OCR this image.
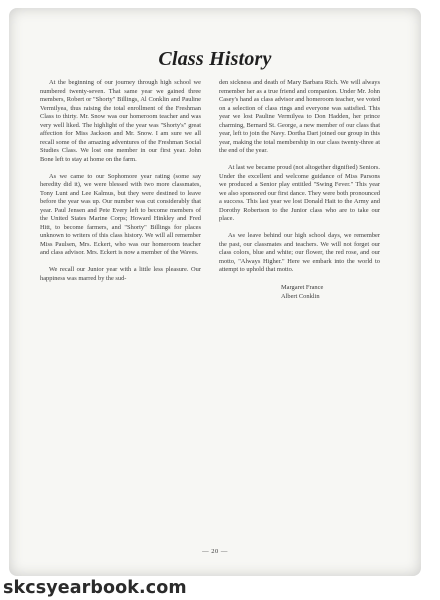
Class History

At the beginning of our journey through high school we numbered twenty-seven. That same year we gained three members, Robert or "Shorty" Billings, Al Conklin and Pauline Vermilyea, thus raising the total enrollment of the Freshman Class to thirty. Mr. Snow was our homeroom teacher and was very well liked. The highlight of the year was "Shorty's" great affection for Miss Jackson and Mr. Snow. I am sure we all recall some of the amazing adventures of the Freshman Social Studies Class. We lost one member in our first year. John Bone left to stay at home on the farm.

As we came to our Sophomore year rating (some say heredity did it), we were blessed with two more classmates, Tony Lunt and Lee Kalmus, but they were destined to leave before the year was up. Our number was cut considerably that year. Paul Jensen and Pete Every left to become members of the United States Marine Corps; Howard Hinkley and Fred Hitt, to become farmers, and "Shorty" Billings for places unknown to writers of this class history. We will all remember Miss Paulsen, Mrs. Eckert, who was our homeroom teacher and class advisor. Mrs. Eckert is now a member of the Waves.

We recall our Junior year with a little less pleasure. Our happiness was marred by the sud-

den sickness and death of Mary Barbara Rich. We will always remember her as a true friend and companion. Under Mr. John Casey's hand as class advisor and homeroom teacher, we voted on a selection of class rings and everyone was satisfied. This year we lost Pauline Vermilyea to Don Hadden, her prince charming, Bernard St. George, a new member of our class that year, left to join the Navy. Dortha Dart joined our group in this year, making the total membership in our class twenty-three at the end of the year.

At last we became proud (not altogether dignified) Seniors. Under the excellent and welcome guidance of Miss Parsons we produced a Senior play entitled "Swing Fever." This year we also sponsored our first dance. They were both pronounced a success. This last year we lost Donald Hait to the Army and Dorothy Robertson to the Junior class who are to take our place.

As we leave behind our high school days, we remember the past, our classmates and teachers. We will not forget our class colors, blue and white; our flower, the red rose, and our motto, "Always Higher." Here we embark into the world to attempt to uphold that motto.

Margaret France
Albert Conklin
— 20 —
skcsyearbook.com
